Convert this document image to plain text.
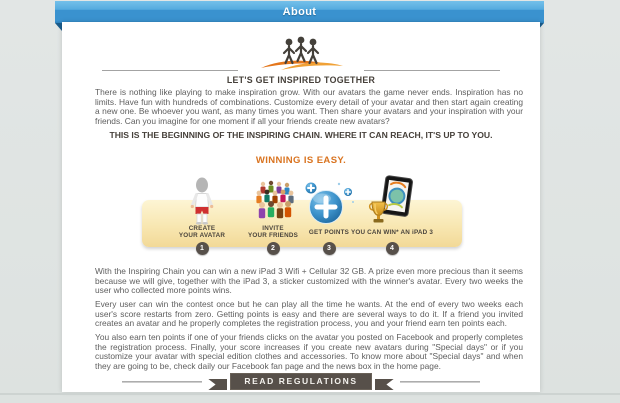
About
LET'S GET INSPIRED TOGETHER
There is nothing like playing to make inspiration grow. With our avatars the game never ends. Inspiration has no limits. Have fun with hundreds of combinations. Customize every detail of your avatar and then start again creating a new one. Be whoever you want, as many times you want. Then share your avatars and your inspiration with your friends. Can you imagine for one moment if all your friends create new avatars?
THIS IS THE BEGINNING OF THE INSPIRING CHAIN. WHERE IT CAN REACH, IT'S UP TO YOU.
WINNING IS EASY.
CREATE
YOUR AVATAR
1
INVITE
YOUR FRIENDS
2
GET POINTS
3
YOU CAN WIN* AN iPAD 3
4
With the Inspiring Chain you can win a new iPad 3 Wifi + Cellular 32 GB. A prize even more precious than it seems because we will give, together with the iPad 3, a sticker customized with the winner's avatar. Every two weeks the user who collected more points wins.
Every user can win the contest once but he can play all the time he wants. At the end of every two weeks each user's score restarts from zero. Getting points is easy and there are several ways to do it. If a friend you invited creates an avatar and he properly completes the registration process, you and your friend earn ten points each.
You also earn ten points if one of your friends clicks on the avatar you posted on Facebook and properly completes the registration process. Finally, your score increases if you create new avatars during "Special days" or if you customize your avatar with special edition clothes and accessories. To know more about "Special days" and when they are going to be, check daily our Facebook fan page and the news box in the home page.
READ REGULATIONS
